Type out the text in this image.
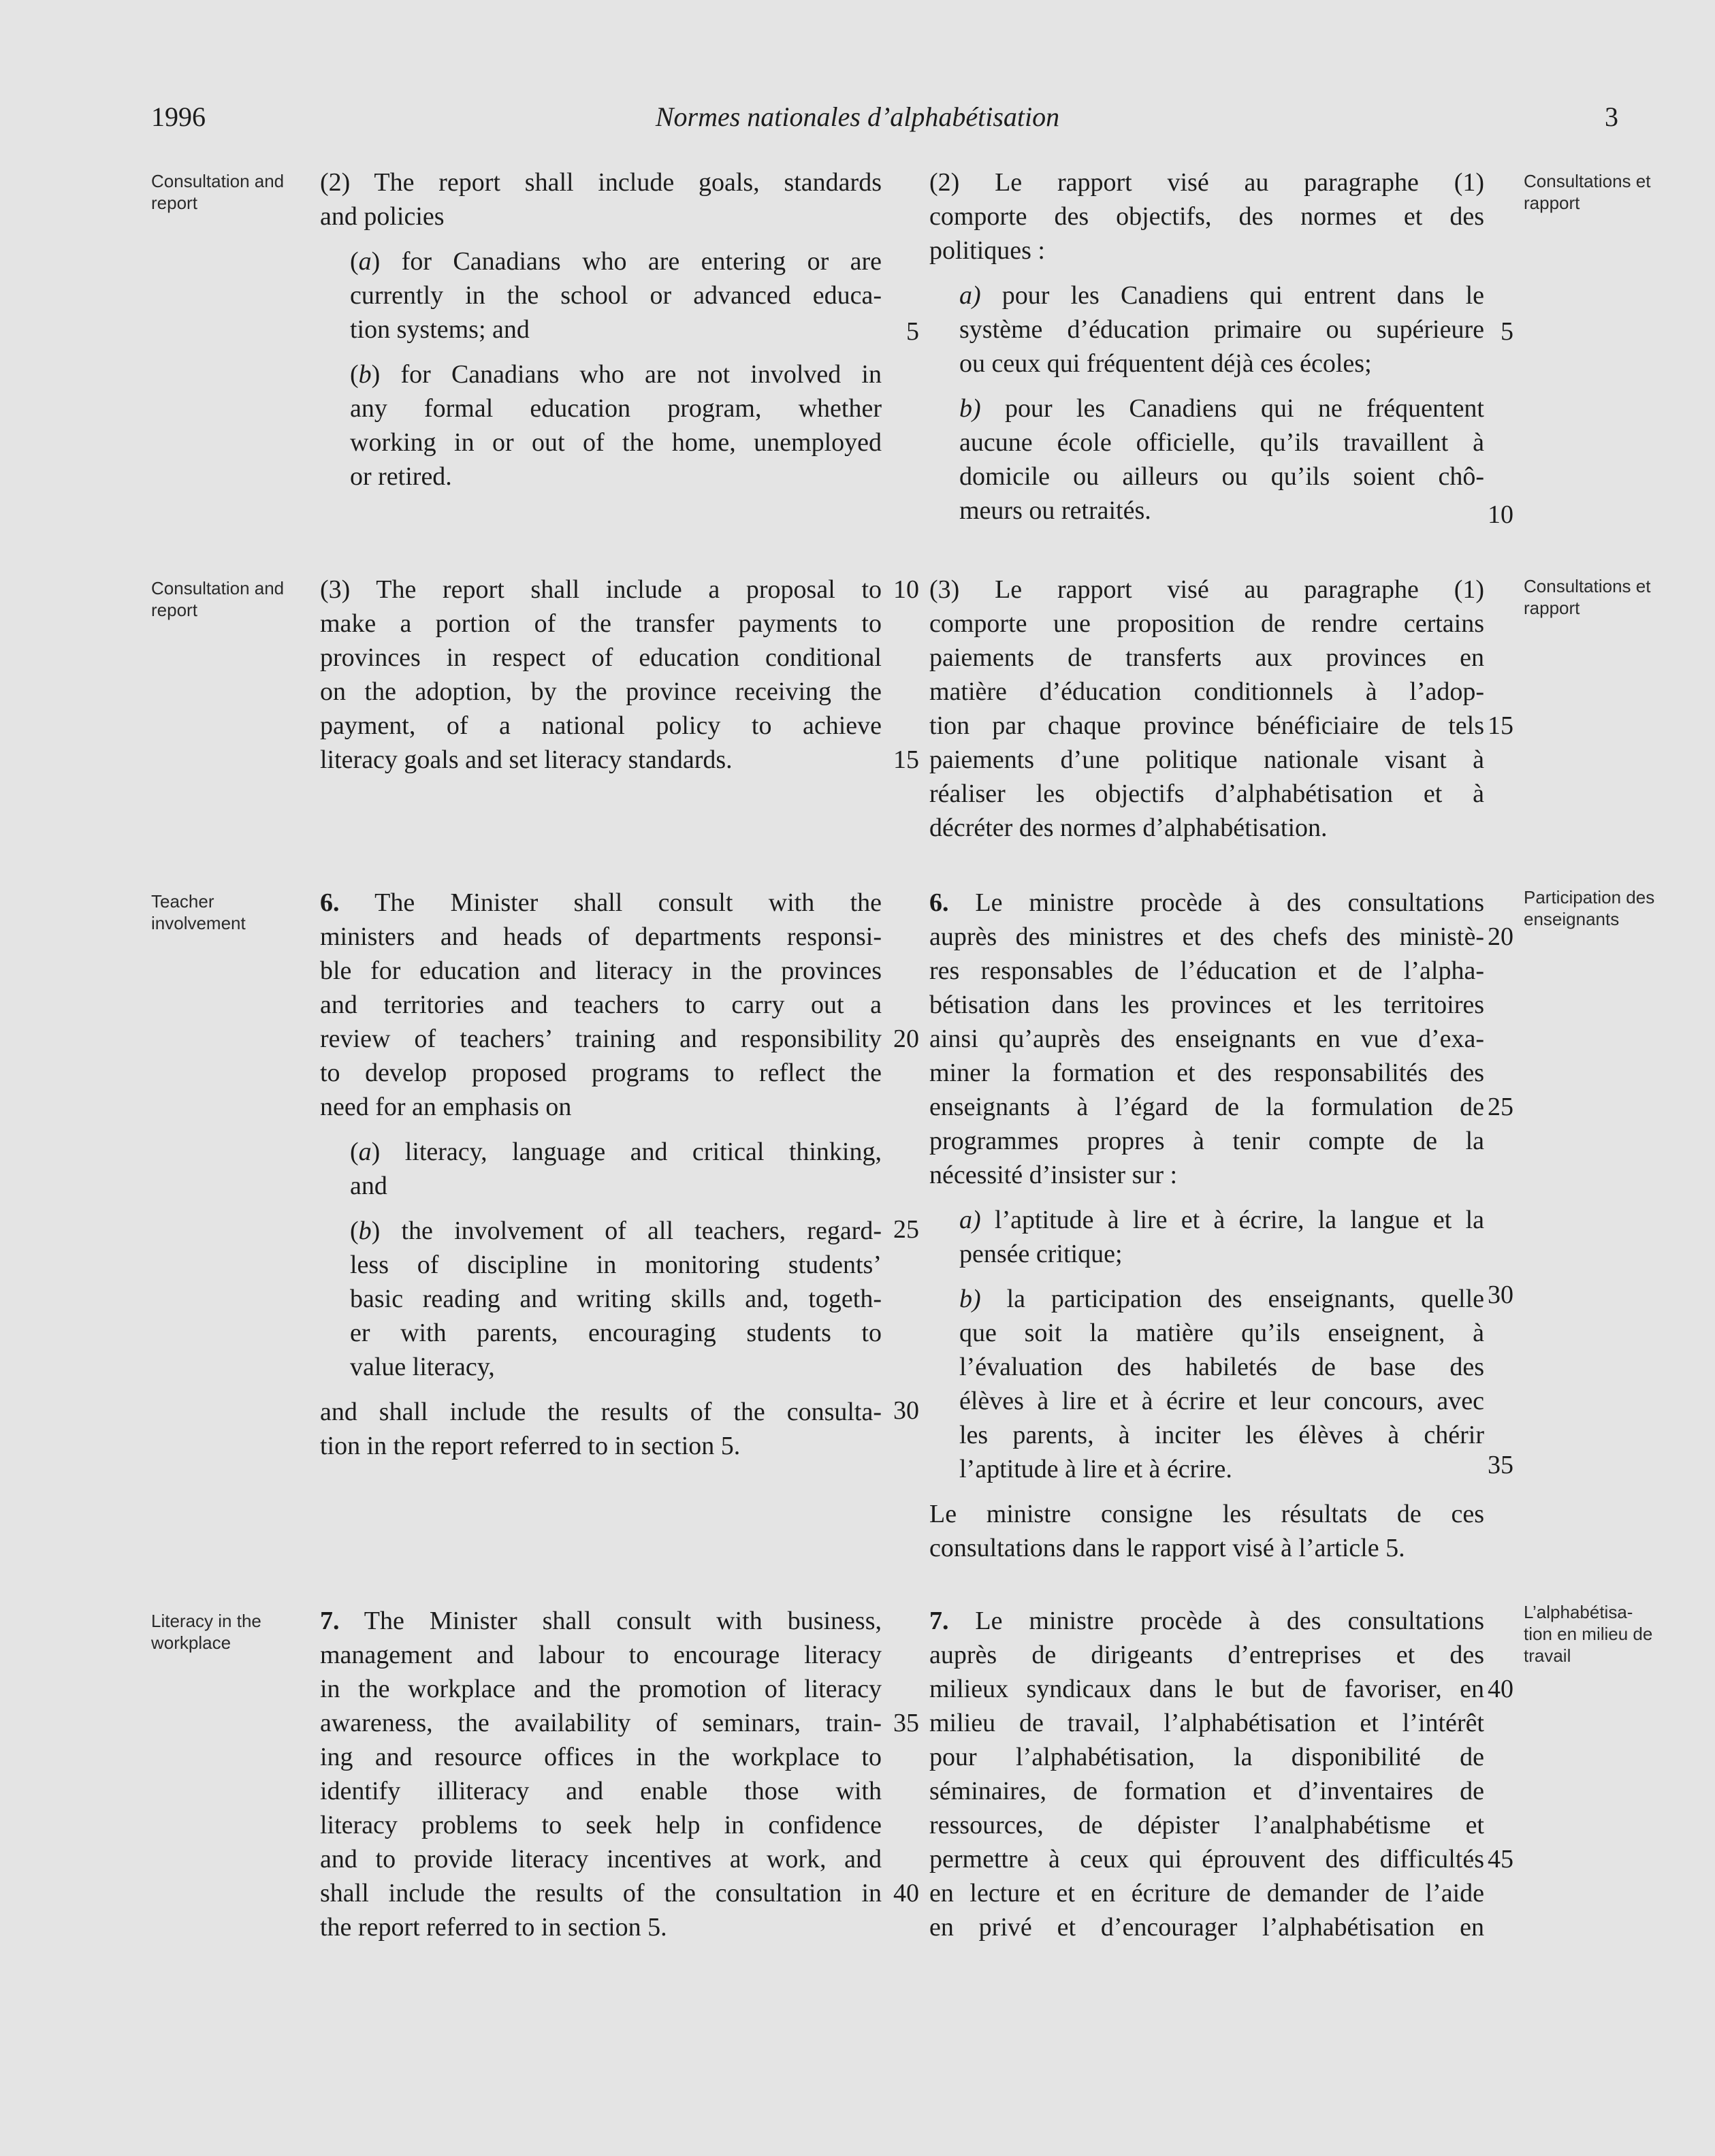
1996	Normes nationales d’alphabétisation	3
Consultation and report
Consultation and report
Teacher involvement
Literacy in the workplace
Consultations et rapport
Consultations et rapport
Participation des enseignants
L’alphabétisa- tion en milieu de travail
(2) The report shall include goals, standards
and policies
(a) for Canadians who are entering or are
currently in the school or advanced educa-
tion systems; and
(b) for Canadians who are not involved in
any formal education program, whether
working in or out of the home, unemployed
or retired.
(3) The report shall include a proposal to
make a portion of the transfer payments to
provinces in respect of education conditional
on the adoption, by the province receiving the
payment, of a national policy to achieve
literacy goals and set literacy standards.
6. The Minister shall consult with the
ministers and heads of departments responsi-
ble for education and literacy in the provinces
and territories and teachers to carry out a
review of teachers’ training and responsibility
to develop proposed programs to reflect the
need for an emphasis on
(a) literacy, language and critical thinking,
and
(b) the involvement of all teachers, regard-
less of discipline in monitoring students’
basic reading and writing skills and, togeth-
er with parents, encouraging students to
value literacy,
and shall include the results of the consulta-
tion in the report referred to in section 5.
7. The Minister shall consult with business,
management and labour to encourage literacy
in the workplace and the promotion of literacy
awareness, the availability of seminars, train-
ing and resource offices in the workplace to
identify illiteracy and enable those with
literacy problems to seek help in confidence
and to provide literacy incentives at work, and
shall include the results of the consultation in
the report referred to in section 5.
(2) Le rapport visé au paragraphe (1)
comporte des objectifs, des normes et des
politiques :
a) pour les Canadiens qui entrent dans le
système d’éducation primaire ou supérieure
ou ceux qui fréquentent déjà ces écoles;
b) pour les Canadiens qui ne fréquentent
aucune école officielle, qu’ils travaillent à
domicile ou ailleurs ou qu’ils soient chô-
meurs ou retraités.
(3) Le rapport visé au paragraphe (1)
comporte une proposition de rendre certains
paiements de transferts aux provinces en
matière d’éducation conditionnels à l’adop-
tion par chaque province bénéficiaire de tels
paiements d’une politique nationale visant à
réaliser les objectifs d’alphabétisation et à
décréter des normes d’alphabétisation.
6. Le ministre procède à des consultations
auprès des ministres et des chefs des ministè-
res responsables de l’éducation et de l’alpha-
bétisation dans les provinces et les territoires
ainsi qu’auprès des enseignants en vue d’exa-
miner la formation et des responsabilités des
enseignants à l’égard de la formulation de
programmes propres à tenir compte de la
nécessité d’insister sur :
a) l’aptitude à lire et à écrire, la langue et la
pensée critique;
b) la participation des enseignants, quelle
que soit la matière qu’ils enseignent, à
l’évaluation des habiletés de base des
élèves à lire et à écrire et leur concours, avec
les parents, à inciter les élèves à chérir
l’aptitude à lire et à écrire.
Le ministre consigne les résultats de ces
consultations dans le rapport visé à l’article 5.
7. Le ministre procède à des consultations
auprès de dirigeants d’entreprises et des
milieux syndicaux dans le but de favoriser, en
milieu de travail, l’alphabétisation et l’intérêt
pour l’alphabétisation, la disponibilité de
séminaires, de formation et d’inventaires de
ressources, de dépister l’analphabétisme et
permettre à ceux qui éprouvent des difficultés
en lecture et en écriture de demander de l’aide
en privé et d’encourager l’alphabétisation en
5
10
15
20
25
30
35
40
5
10
15
20
25
30
35
40
45
